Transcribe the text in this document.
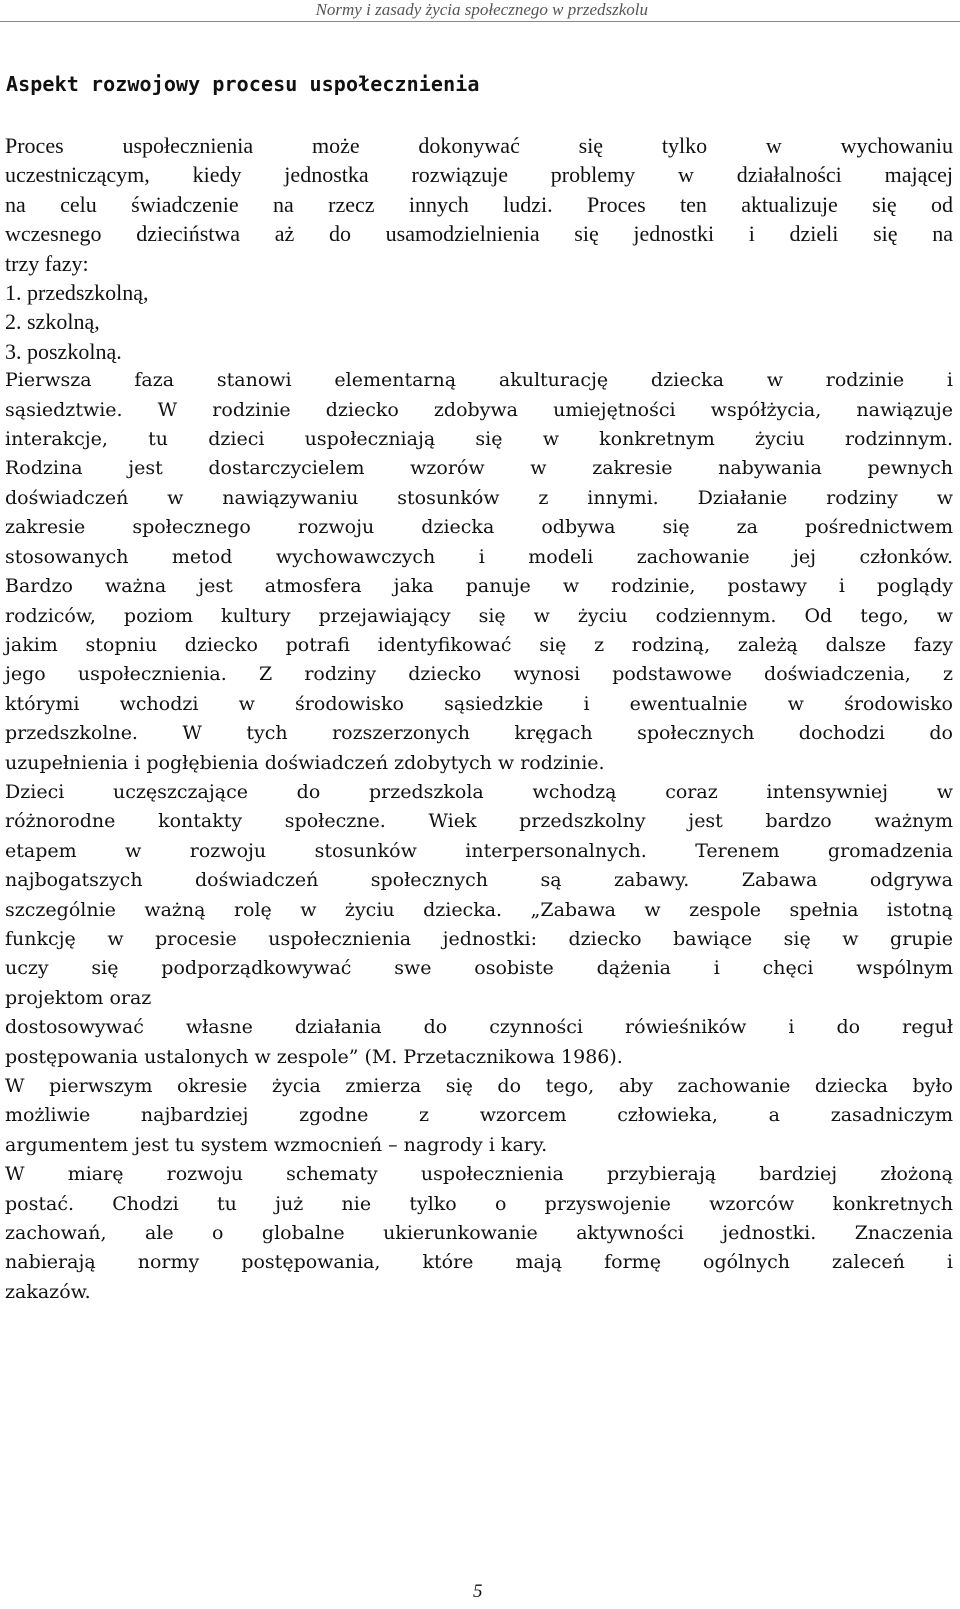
Normy i zasady życia społecznego w przedszkolu
Aspekt rozwojowy procesu uspołecznienia

Proces uspołecznienia może dokonywać się tylko w wychowaniu

uczestniczącym, kiedy jednostka rozwiązuje problemy w działalności mającej

na celu świadczenie na rzecz innych ludzi. Proces ten aktualizuje się od

wczesnego dzieciństwa aż do usamodzielnienia się jednostki i dzieli się na

trzy fazy:

1. przedszkolną,

2. szkolną,

3. poszkolną.

Pierwsza faza stanowi elementarną akulturację dziecka w rodzinie i

sąsiedztwie. W rodzinie dziecko zdobywa umiejętności współżycia, nawiązuje

interakcje, tu dzieci uspołeczniają się w konkretnym życiu rodzinnym.

Rodzina jest dostarczycielem wzorów w zakresie nabywania pewnych

doświadczeń w nawiązywaniu stosunków z innymi. Działanie rodziny w

zakresie społecznego rozwoju dziecka odbywa się za pośrednictwem

stosowanych metod wychowawczych i modeli zachowanie jej członków.

Bardzo ważna jest atmosfera jaka panuje w rodzinie, postawy i poglądy

rodziców, poziom kultury przejawiający się w życiu codziennym. Od tego, w

jakim stopniu dziecko potrafi identyfikować się z rodziną, zależą dalsze fazy

jego uspołecznienia. Z rodziny dziecko wynosi podstawowe doświadczenia, z

którymi wchodzi w środowisko sąsiedzkie i ewentualnie w środowisko

przedszkolne. W tych rozszerzonych kręgach społecznych dochodzi do

uzupełnienia i pogłębienia doświadczeń zdobytych w rodzinie.

Dzieci uczęszczające do przedszkola wchodzą coraz intensywniej w

różnorodne kontakty społeczne. Wiek przedszkolny jest bardzo ważnym

etapem w rozwoju stosunków interpersonalnych. Terenem gromadzenia

najbogatszych doświadczeń społecznych są zabawy. Zabawa odgrywa

szczególnie ważną rolę w życiu dziecka. „Zabawa w zespole spełnia istotną

funkcję w procesie uspołecznienia jednostki: dziecko bawiące się w grupie

uczy się podporządkowywać swe osobiste dążenia i chęci wspólnym

projektom oraz

dostosowywać własne działania do czynności rówieśników i do reguł

postępowania ustalonych w zespole” (M. Przetacznikowa 1986).

W pierwszym okresie życia zmierza się do tego, aby zachowanie dziecka było

możliwie najbardziej zgodne z wzorcem człowieka, a zasadniczym

argumentem jest tu system wzmocnień – nagrody i kary.

W miarę rozwoju schematy uspołecznienia przybierają bardziej złożoną

postać. Chodzi tu już nie tylko o przyswojenie wzorców konkretnych

zachowań, ale o globalne ukierunkowanie aktywności jednostki. Znaczenia

nabierają normy postępowania, które mają formę ogólnych zaleceń i

zakazów.

5
